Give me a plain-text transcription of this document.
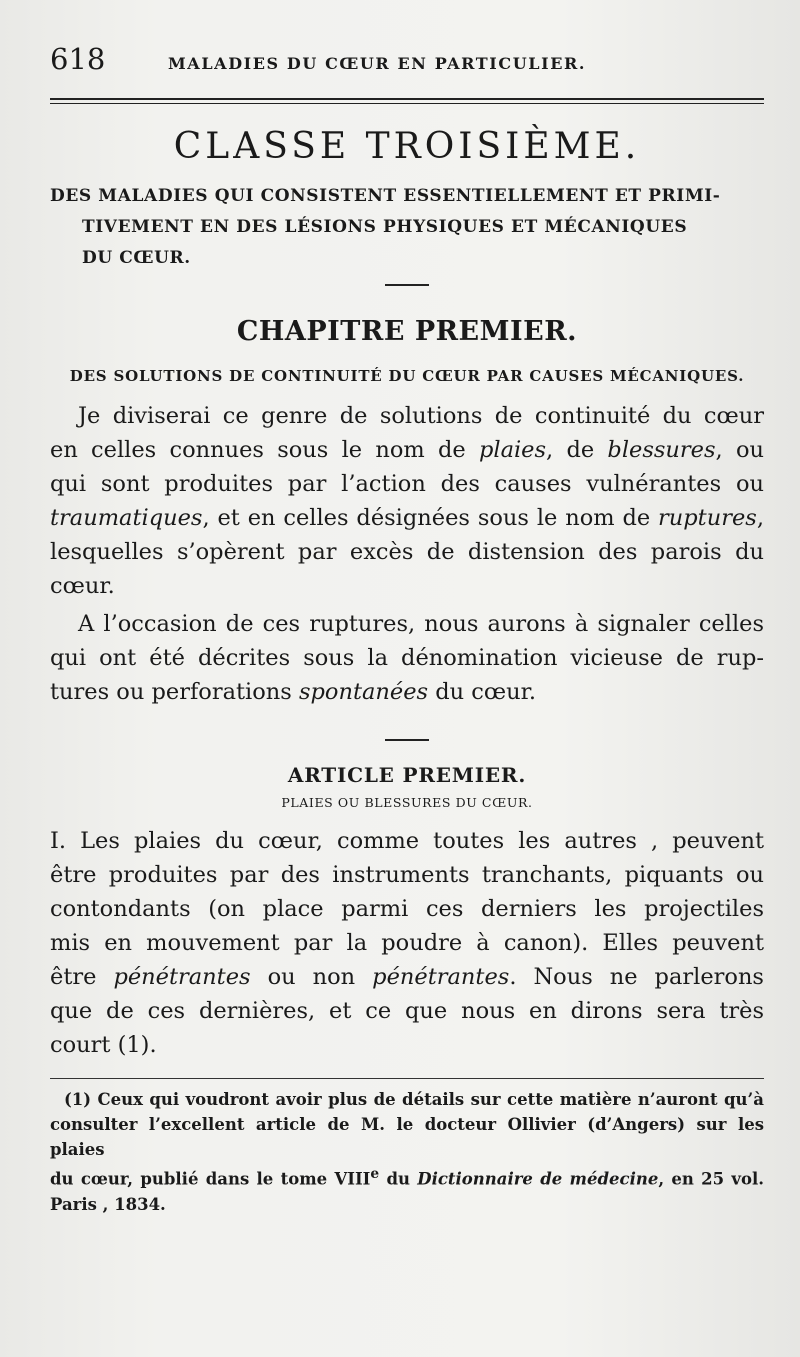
618	MALADIES DU CŒUR EN PARTICULIER.
CLASSE TROISIÈME.
DES MALADIES QUI CONSISTENT ESSENTIELLEMENT ET PRIMI-
TIVEMENT EN DES LÉSIONS PHYSIQUES ET MÉCANIQUES
DU CŒUR.
CHAPITRE PREMIER.
DES SOLUTIONS DE CONTINUITÉ DU CŒUR PAR CAUSES MÉCANIQUES.
Je diviserai ce genre de solutions de continuité du cœur
en celles connues sous le nom de plaies, de blessures, ou
qui sont produites par l’action des causes vulnérantes ou
traumatiques, et en celles désignées sous le nom de ruptures,
lesquelles s’opèrent par excès de distension des parois du
cœur.
A l’occasion de ces ruptures, nous aurons à signaler celles
qui ont été décrites sous la dénomination vicieuse de rup-
tures ou perforations spontanées du cœur.
ARTICLE PREMIER.
PLAIES OU BLESSURES DU CŒUR.
I. Les plaies du cœur, comme toutes les autres , peuvent
être produites par des instruments tranchants, piquants ou
contondants (on place parmi ces derniers les projectiles
mis en mouvement par la poudre à canon). Elles peuvent
être pénétrantes ou non pénétrantes. Nous ne parlerons
que de ces dernières, et ce que nous en dirons sera très
court (1).
(1) Ceux qui voudront avoir plus de détails sur cette matière n’auront qu’à
consulter l’excellent article de M. le docteur Ollivier (d’Angers) sur les plaies
du cœur, publié dans le tome VIIIe du Dictionnaire de médecine, en 25 vol.
Paris , 1834.
